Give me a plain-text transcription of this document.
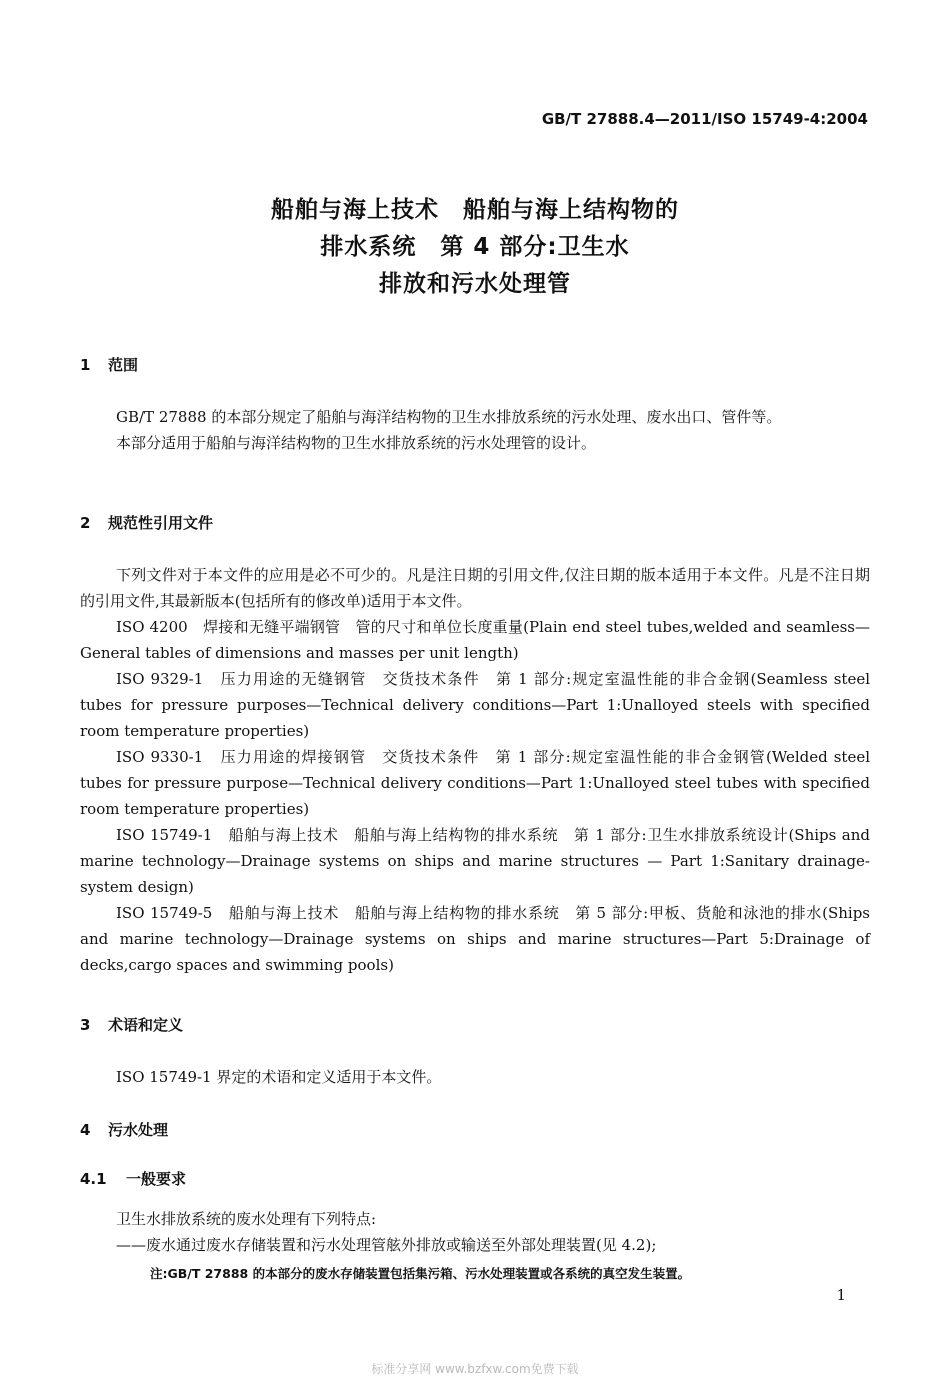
GB/T 27888.4—2011/ISO 15749-4:2004
船舶与海上技术　船舶与海上结构物的
排水系统　第 4 部分:卫生水
排放和污水处理管
1 范围
GB/T 27888 的本部分规定了船舶与海洋结构物的卫生水排放系统的污水处理、废水出口、管件等。
本部分适用于船舶与海洋结构物的卫生水排放系统的污水处理管的设计。
2 规范性引用文件
下列文件对于本文件的应用是必不可少的。凡是注日期的引用文件,仅注日期的版本适用于本文件。凡是不注日期的引用文件,其最新版本(包括所有的修改单)适用于本文件。
ISO 4200　焊接和无缝平端钢管　管的尺寸和单位长度重量(Plain end steel tubes,welded and seamless—General tables of dimensions and masses per unit length)
ISO 9329-1　压力用途的无缝钢管　交货技术条件　第 1 部分:规定室温性能的非合金钢(Seamless steel tubes for pressure purposes—Technical delivery conditions—Part 1:Unalloyed steels with specified room temperature properties)
ISO 9330-1　压力用途的焊接钢管　交货技术条件　第 1 部分:规定室温性能的非合金钢管(Welded steel tubes for pressure purpose—Technical delivery conditions—Part 1:Unalloyed steel tubes with specified room temperature properties)
ISO 15749-1　船舶与海上技术　船舶与海上结构物的排水系统　第 1 部分:卫生水排放系统设计(Ships and marine technology—Drainage systems on ships and marine structures — Part 1:Sanitary drainage-system design)
ISO 15749-5　船舶与海上技术　船舶与海上结构物的排水系统　第 5 部分:甲板、货舱和泳池的排水(Ships and marine technology—Drainage systems on ships and marine structures—Part 5:Drainage of decks,cargo spaces and swimming pools)
3 术语和定义
ISO 15749-1 界定的术语和定义适用于本文件。
4 污水处理
4.1 一般要求
卫生水排放系统的废水处理有下列特点:
——废水通过废水存储装置和污水处理管舷外排放或输送至外部处理装置(见 4.2);
注:GB/T 27888 的本部分的废水存储装置包括集污箱、污水处理装置或各系统的真空发生装置。
1
标准分享网 www.bzfxw.com免费下载
